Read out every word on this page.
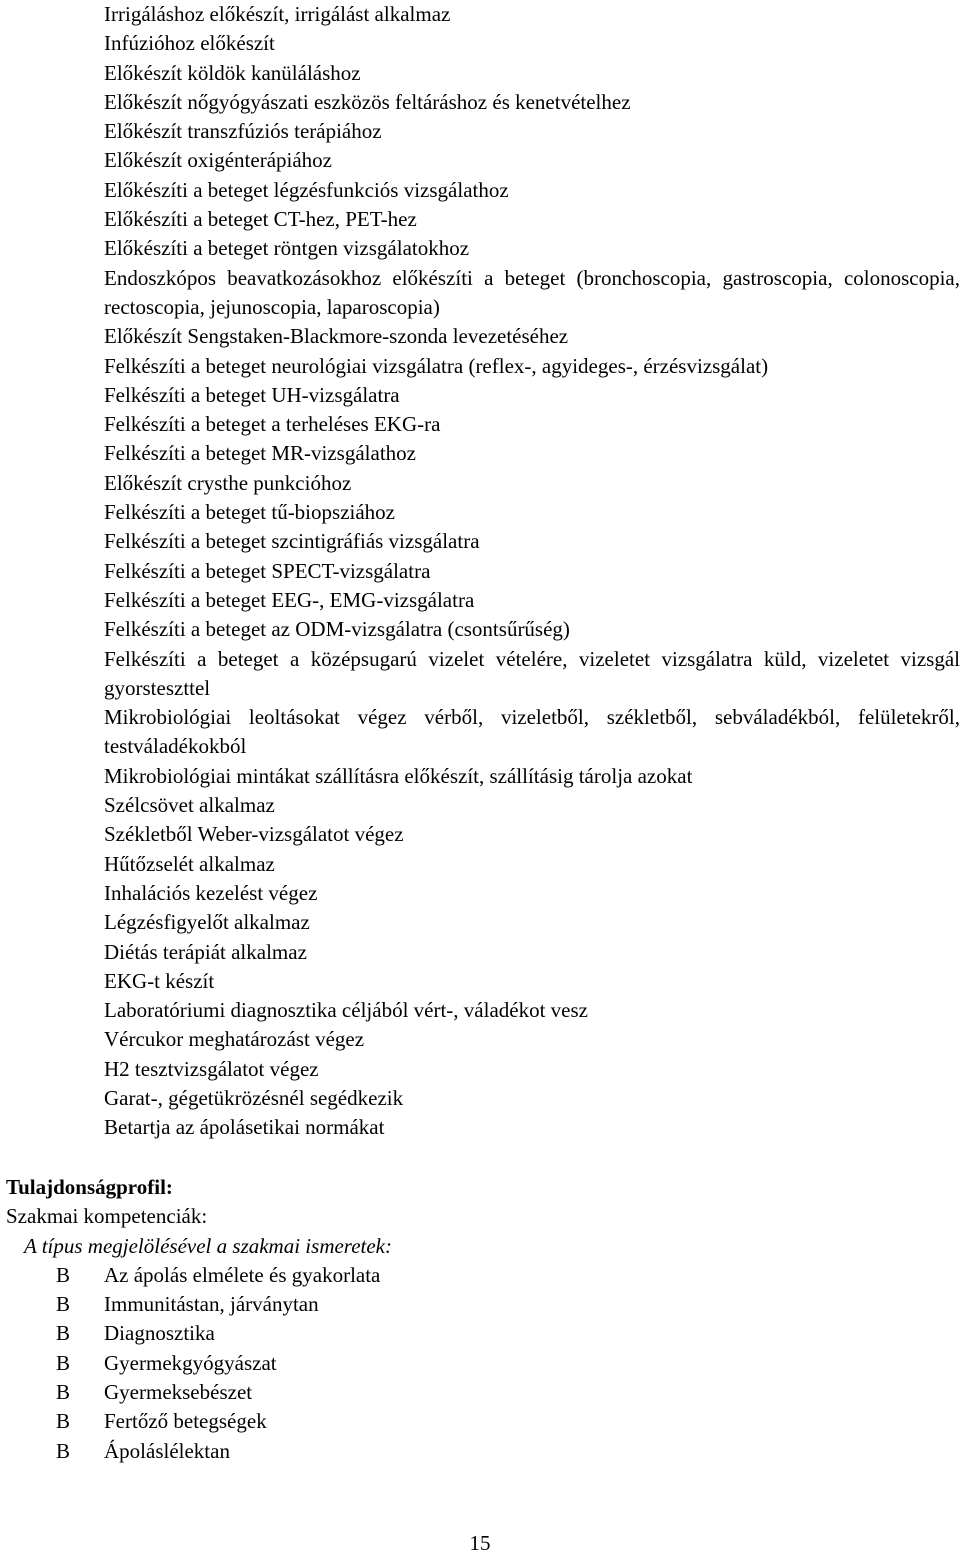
Irrigáláshoz előkészít, irrigálást alkalmaz
Infúzióhoz előkészít
Előkészít köldök kanüláláshoz
Előkészít nőgyógyászati eszközös feltáráshoz és kenetvételhez
Előkészít transzfúziós terápiához
Előkészít oxigénterápiához
Előkészíti a beteget légzésfunkciós vizsgálathoz
Előkészíti a beteget CT-hez, PET-hez
Előkészíti a beteget röntgen vizsgálatokhoz
Endoszkópos beavatkozásokhoz előkészíti a beteget (bronchoscopia, gastroscopia, colonoscopia, rectoscopia, jejunoscopia, laparoscopia)
Előkészít Sengstaken-Blackmore-szonda levezetéséhez
Felkészíti a beteget neurológiai vizsgálatra (reflex-, agyideges-, érzésvizsgálat)
Felkészíti a beteget UH-vizsgálatra
Felkészíti a beteget a terheléses EKG-ra
Felkészíti a beteget MR-vizsgálathoz
Előkészít crysthe punkcióhoz
Felkészíti a beteget tű-biopsziához
Felkészíti a beteget szcintigráfiás vizsgálatra
Felkészíti a beteget SPECT-vizsgálatra
Felkészíti a beteget EEG-, EMG-vizsgálatra
Felkészíti a beteget az ODM-vizsgálatra (csontsűrűség)
Felkészíti a beteget a középsugarú vizelet vételére, vizeletet vizsgálatra küld, vizeletet vizsgál gyorsteszttel
Mikrobiológiai leoltásokat végez vérből, vizeletből, székletből, sebváladékból, felületekről, testváladékokból
Mikrobiológiai mintákat szállításra előkészít, szállításig tárolja azokat
Szélcsövet alkalmaz
Székletből Weber-vizsgálatot végez
Hűtőzselét alkalmaz
Inhalációs kezelést végez
Légzésfigyelőt alkalmaz
Diétás terápiát alkalmaz
EKG-t készít
Laboratóriumi diagnosztika céljából vért-, váladékot vesz
Vércukor meghatározást végez
H2 tesztvizsgálatot végez
Garat-, gégetükrözésnél segédkezik
Betartja az ápolásetikai normákat
Tulajdonságprofil:
Szakmai kompetenciák:
A típus megjelölésével a szakmai ismeretek:
B Az ápolás elmélete és gyakorlata
B Immunitástan, járványtan
B Diagnosztika
B Gyermekgyógyászat
B Gyermeksebészet
B Fertőző betegségek
B Ápoláslélektan
15
